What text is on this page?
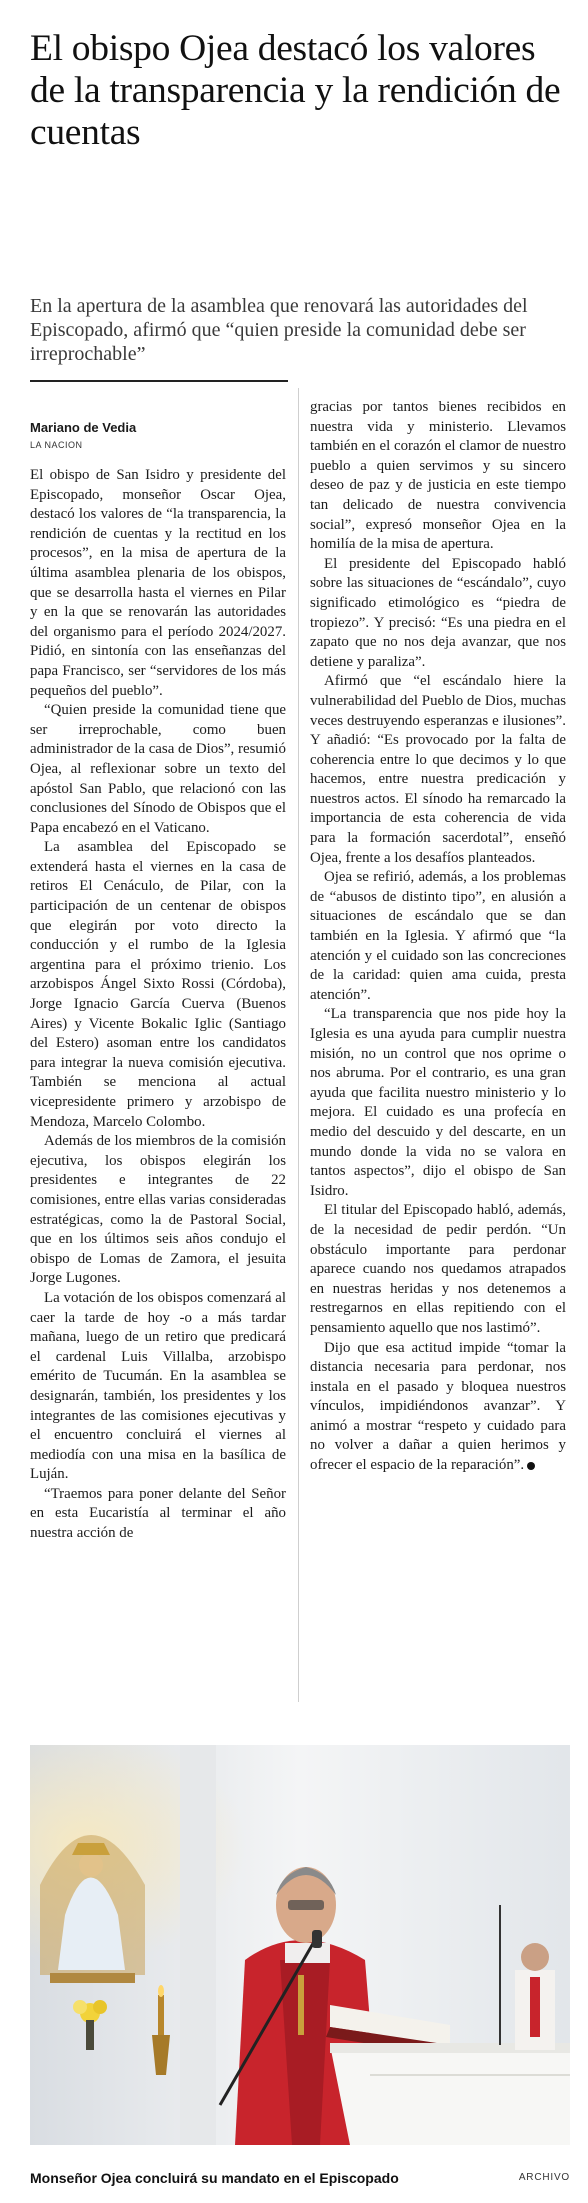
El obispo Ojea destacó los valores de la transparencia y la rendición de cuentas

En la apertura de la asamblea que renovará las autoridades del Episcopado, afirmó que “quien preside la comunidad debe ser irreprochable”

Mariano de Vedia
LA NACION

El obispo de San Isidro y presidente del Episcopado, monseñor Oscar Ojea, destacó los valores de “la transparencia, la rendición de cuentas y la rectitud en los procesos”, en la misa de apertura de la última asamblea plenaria de los obispos, que se desarrolla hasta el viernes en Pilar y en la que se renovarán las autoridades del organismo para el período 2024/2027. Pidió, en sintonía con las enseñanzas del papa Francisco, ser “servidores de los más pequeños del pueblo”.

“Quien preside la comunidad tiene que ser irreprochable, como buen administrador de la casa de Dios”, resumió Ojea, al reflexionar sobre un texto del apóstol San Pablo, que relacionó con las conclusiones del Sínodo de Obispos que el Papa encabezó en el Vaticano.

La asamblea del Episcopado se extenderá hasta el viernes en la casa de retiros El Cenáculo, de Pilar, con la participación de un centenar de obispos que elegirán por voto directo la conducción y el rumbo de la Iglesia argentina para el próximo trienio. Los arzobispos Ángel Sixto Rossi (Córdoba), Jorge Ignacio García Cuerva (Buenos Aires) y Vicente Bokalic Iglic (Santiago del Estero) asoman entre los candidatos para integrar la nueva comisión ejecutiva. También se menciona al actual vicepresidente primero y arzobispo de Mendoza, Marcelo Colombo.

Además de los miembros de la comisión ejecutiva, los obispos elegirán los presidentes e integrantes de 22 comisiones, entre ellas varias consideradas estratégicas, como la de Pastoral Social, que en los últimos seis años condujo el obispo de Lomas de Zamora, el jesuita Jorge Lugones.

La votación de los obispos comenzará al caer la tarde de hoy -o a más tardar mañana, luego de un retiro que predicará el cardenal Luis Villalba, arzobispo emérito de Tucumán. En la asamblea se designarán, también, los presidentes y los integrantes de las comisiones ejecutivas y el encuentro concluirá el viernes al mediodía con una misa en la basílica de Luján.

“Traemos para poner delante del Señor en esta Eucaristía al terminar el año nuestra acción de

gracias por tantos bienes recibidos en nuestra vida y ministerio. Llevamos también en el corazón el clamor de nuestro pueblo a quien servimos y su sincero deseo de paz y de justicia en este tiempo tan delicado de nuestra convivencia social”, expresó monseñor Ojea en la homilía de la misa de apertura.

El presidente del Episcopado habló sobre las situaciones de “escándalo”, cuyo significado etimológico es “piedra de tropiezo”. Y precisó: “Es una piedra en el zapato que no nos deja avanzar, que nos detiene y paraliza”.

Afirmó que “el escándalo hiere la vulnerabilidad del Pueblo de Dios, muchas veces destruyendo esperanzas e ilusiones”. Y añadió: “Es provocado por la falta de coherencia entre lo que decimos y lo que hacemos, entre nuestra predicación y nuestros actos. El sínodo ha remarcado la importancia de esta coherencia de vida para la formación sacerdotal”, enseñó Ojea, frente a los desafíos planteados.

Ojea se refirió, además, a los problemas de “abusos de distinto tipo”, en alusión a situaciones de escándalo que se dan también en la Iglesia. Y afirmó que “la atención y el cuidado son las concreciones de la caridad: quien ama cuida, presta atención”.

“La transparencia que nos pide hoy la Iglesia es una ayuda para cumplir nuestra misión, no un control que nos oprime o nos abruma. Por el contrario, es una gran ayuda que facilita nuestro ministerio y lo mejora. El cuidado es una profecía en medio del descuido y del descarte, en un mundo donde la vida no se valora en tantos aspectos”, dijo el obispo de San Isidro.

El titular del Episcopado habló, además, de la necesidad de pedir perdón. “Un obstáculo importante para perdonar aparece cuando nos quedamos atrapados en nuestras heridas y nos detenemos a restregarnos en ellas repitiendo con el pensamiento aquello que nos lastimó”.

Dijo que esa actitud impide “tomar la distancia necesaria para perdonar, nos instala en el pasado y bloquea nuestros vínculos, impidiéndonos avanzar”. Y animó a mostrar “respeto y cuidado para no volver a dañar a quien herimos y ofrecer el espacio de la reparación”.

Monseñor Ojea concluirá su mandato en el Episcopado	ARCHIVO
